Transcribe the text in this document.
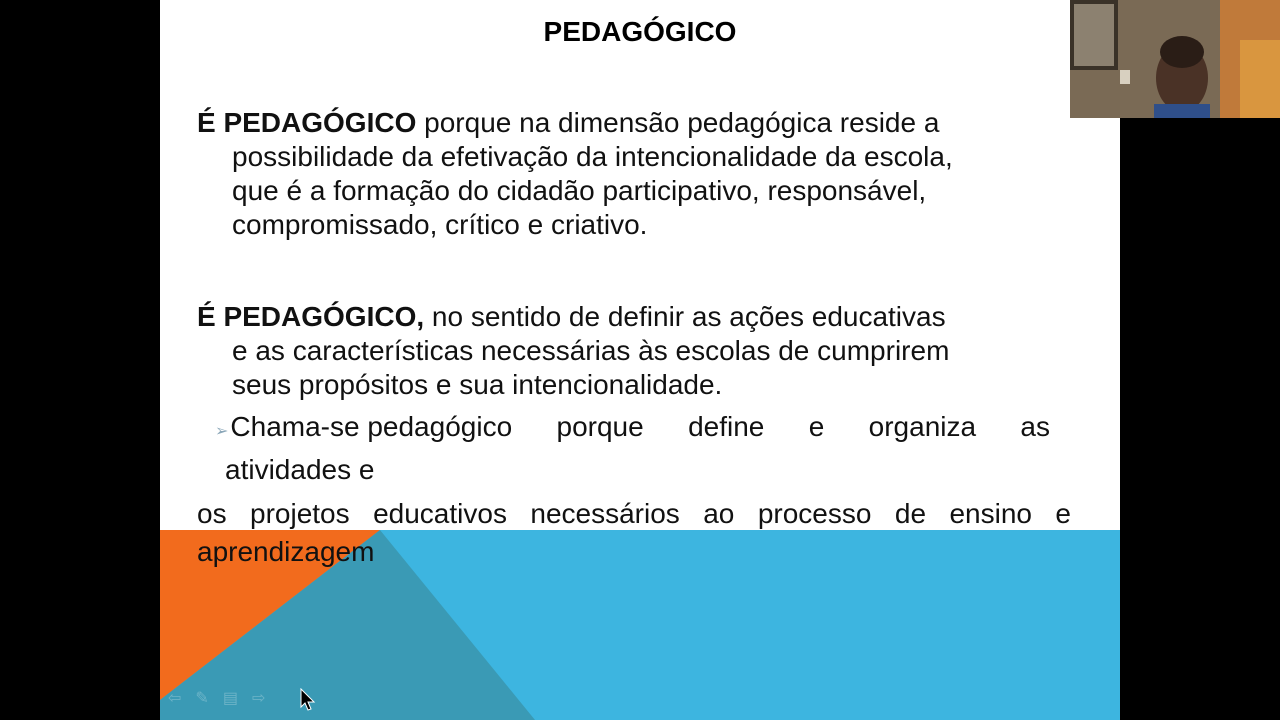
PEDAGÓGICO

É PEDAGÓGICO porque na dimensão pedagógica reside a

possibilidade da efetivação da intencionalidade da escola,

que é a formação do cidadão participativo, responsável,

compromissado, crítico e criativo.

É PEDAGÓGICO, no sentido de definir as ações educativas

e as características necessárias às escolas de cumprirem

seus propósitos e sua intencionalidade.

➢Chama-se pedagógico porque define e organiza as
atividades e
os projetos educativos necessários ao processo de ensino e
aprendizagem
⇦ ✎ ▤ ⇨
